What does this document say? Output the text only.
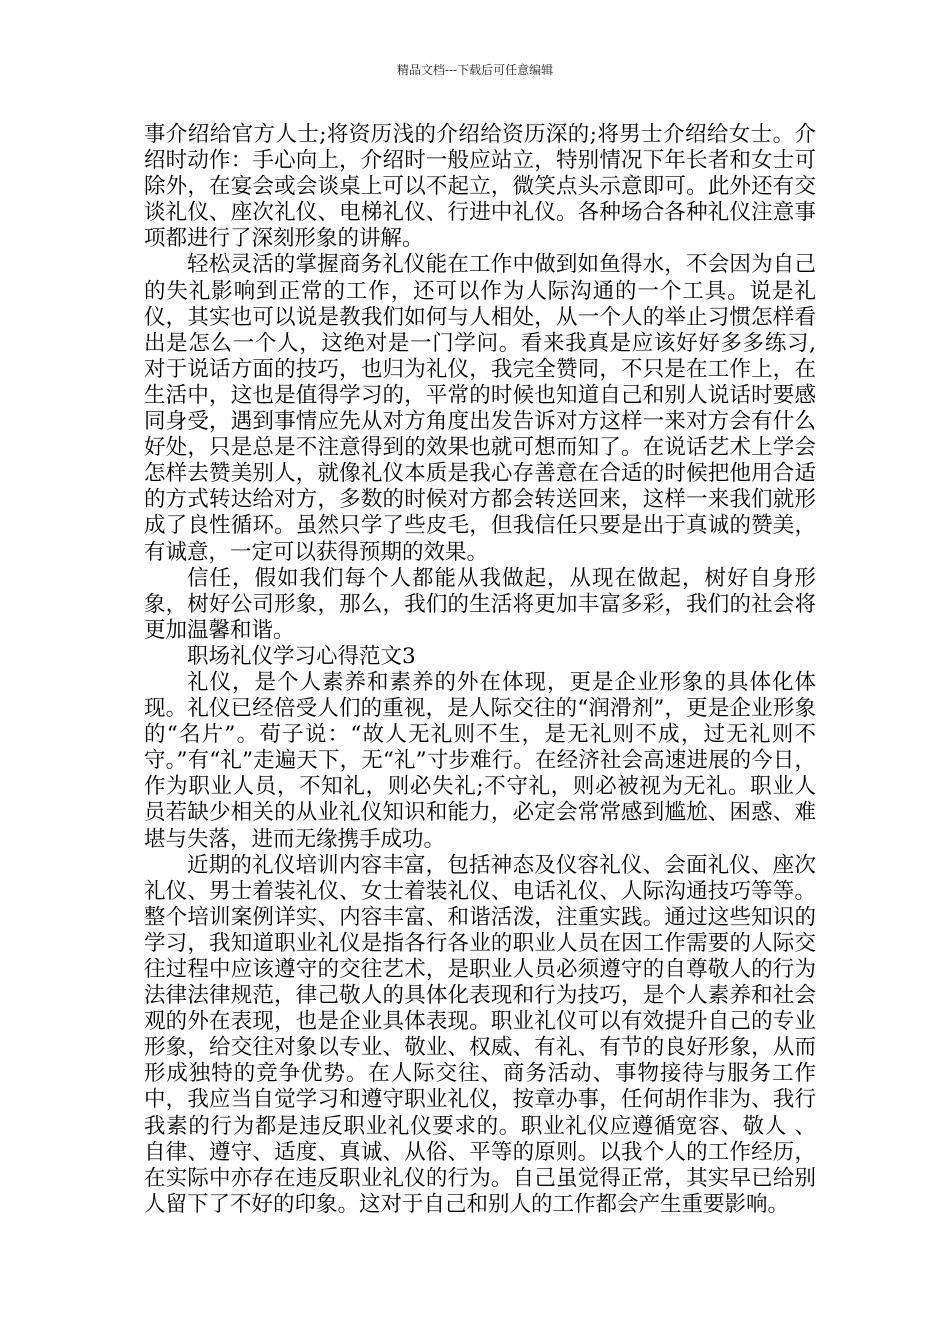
精品文档---下载后可任意编辑

事介绍给官方人士;将资历浅的介绍给资历深的;将男士介绍给女士。介绍时动作：手心向上，介绍时一般应站立，特别情况下年长者和女士可除外，在宴会或会谈桌上可以不起立，微笑点头示意即可。此外还有交谈礼仪、座次礼仪、电梯礼仪、行进中礼仪。各种场合各种礼仪注意事项都进行了深刻形象的讲解。

轻松灵活的掌握商务礼仪能在工作中做到如鱼得水，不会因为自己的失礼影响到正常的工作，还可以作为人际沟通的一个工具。说是礼仪，其实也可以说是教我们如何与人相处，从一个人的举止习惯怎样看出是怎么一个人，这绝对是一门学问。看来我真是应该好好多多练习,对于说话方面的技巧，也归为礼仪，我完全赞同，不只是在工作上，在生活中，这也是值得学习的，平常的时候也知道自己和别人说话时要感同身受，遇到事情应先从对方角度出发告诉对方这样一来对方会有什么好处，只是总是不注意得到的效果也就可想而知了。在说话艺术上学会怎样去赞美别人，就像礼仪本质是我心存善意在合适的时候把他用合适的方式转达给对方，多数的时候对方都会转送回来，这样一来我们就形成了良性循环。虽然只学了些皮毛，但我信任只要是出于真诚的赞美，有诚意，一定可以获得预期的效果。

信任，假如我们每个人都能从我做起，从现在做起，树好自身形象，树好公司形象，那么，我们的生活将更加丰富多彩，我们的社会将更加温馨和谐。

职场礼仪学习心得范文3

礼仪，是个人素养和素养的外在体现，更是企业形象的具体化体现。礼仪已经倍受人们的重视，是人际交往的“润滑剂”，更是企业形象的“名片”。荀子说：“故人无礼则不生，是无礼则不成，过无礼则不守。”有“礼”走遍天下，无“礼”寸步难行。在经济社会高速进展的今日，作为职业人员，不知礼，则必失礼;不守礼，则必被视为无礼。职业人员若缺少相关的从业礼仪知识和能力，必定会常常感到尴尬、困惑、难堪与失落，进而无缘携手成功。

近期的礼仪培训内容丰富，包括神态及仪容礼仪、会面礼仪、座次礼仪、男士着装礼仪、女士着装礼仪、电话礼仪、人际沟通技巧等等。整个培训案例详实、内容丰富、和谐活泼，注重实践。通过这些知识的学习，我知道职业礼仪是指各行各业的职业人员在因工作需要的人际交往过程中应该遵守的交往艺术，是职业人员必须遵守的自尊敬人的行为法律法律规范，律己敬人的具体化表现和行为技巧，是个人素养和社会观的外在表现，也是企业具体表现。职业礼仪可以有效提升自己的专业形象，给交往对象以专业、敬业、权威、有礼、有节的良好形象，从而形成独特的竞争优势。在人际交往、商务活动、事物接待与服务工作中，我应当自觉学习和遵守职业礼仪，按章办事，任何胡作非为、我行我素的行为都是违反职业礼仪要求的。职业礼仪应遵循宽容、敬人 、自律、遵守、适度、真诚、从俗、平等的原则。以我个人的工作经历，在实际中亦存在违反职业礼仪的行为。自己虽觉得正常，其实早已给别人留下了不好的印象。这对于自己和别人的工作都会产生重要影响。
